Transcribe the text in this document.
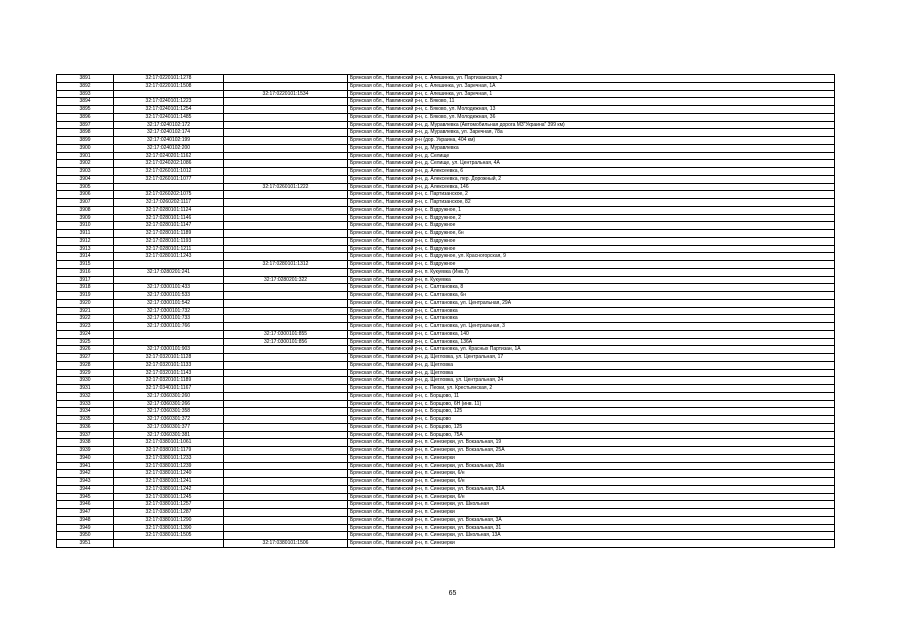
3891	32:17:0220101:1278		Брянская обл., Навлинский р-н, с. Алешинка, ул. Партизанская, 2
3892	32:17:0220101:1508		Брянская обл., Навлинский р-н, с. Алешинка, ул. Заречная, 1А
3893		32:17:0220101:1534	Брянская обл., Навлинский р-н, с. Алешинка, ул. Заречная, 1
3894	32:17:0240101:1223		Брянская обл., Навлинский р-н, с. Бяково, 11
3895	32:17:0240101:1254		Брянская обл., Навлинский р-н, с. Бяково, ул. Молодежная, 13
3896	32:17:0240101:1485		Брянская обл., Навлинский р-н, с. Бяково, ул. Молодежная, 36
3897	32:17:0240102:172		Брянская обл., Навлинский р-н, д. Муравлевка (Автомобильная дорога М3"Украина" 399 км)
3898	32:17:0240102:174		Брянская обл., Навлинский р-н, д. Муравлевка, ул. Заречная, 78а
3899	32:17:0240102:199		Брянская обл., Навлинский р-н (дор. Украина, 404 км)
3900	32:17:0240102:200		Брянская обл., Навлинский р-н, д. Муравлевка
3901	32:17:0240201:1162		Брянская обл., Навлинский р-н, д. Селище
3902	32:17:0240202:1086		Брянская обл., Навлинский р-н, д. Селище, ул. Центральная, 4А
3903	32:17:0260101:1012		Брянская обл., Навлинский р-н, д. Алексеевка, 6
3904	32:17:0260101:1077		Брянская обл., Навлинский р-н, д. Алексеевка, пер. Дорожный, 2
3905		32:17:0260101:1222	Брянская обл., Навлинский р-н, д. Алексеевка, 146
3906	32:17:0260202:1075		Брянская обл., Навлинский р-н, с. Партизанское, 2
3907	32:17:0260202:1117		Брянская обл., Навлинский р-н, с. Партизанское, 82
3908	32:17:0280101:1124		Брянская обл., Навлинский р-н, с. Вздружное, 1
3909	32:17:0280101:1146		Брянская обл., Навлинский р-н, с. Вздружное, 2
3910	32:17:0280101:1147		Брянская обл., Навлинский р-н, с. Вздружное
3911	32:17:0280101:1189		Брянская обл., Навлинский р-н, с. Вздружное, 6н
3912	32:17:0280101:1193		Брянская обл., Навлинский р-н, с. Вздружное
3913	32:17:0280101:1211		Брянская обл., Навлинский р-н, с. Вздружное
3914	32:17:0280101:1243		Брянская обл., Навлинский р-н, с. Вздружное, ул. Красногорская, 9
3915		32:17:0280101:1312	Брянская обл., Навлинский р-н, с. Вздружное
3916	32:17:0280201:241		Брянская обл., Навлинский р-н, п. Кукуевка (Инв.7)
3917		32:17:0280201:322	Брянская обл., Навлинский р-н, п. Кукуевка
3918	32:17:0300101:433		Брянская обл., Навлинский р-н, с. Салтановка, 8
3919	32:17:0300101:533		Брянская обл., Навлинский р-н, с. Салтановка, 6н
3920	32:17:0300101:542		Брянская обл., Навлинский р-н, с. Салтановка, ул. Центральная, 29А
3921	32:17:0300101:732		Брянская обл., Навлинский р-н, с. Салтановка
3922	32:17:0300101:733		Брянская обл., Навлинский р-н, с. Салтановка
3923	32:17:0300101:766		Брянская обл., Навлинский р-н, с. Салтановка, ул. Центральная, 3
3924		32:17:0300101:855	Брянская обл., Навлинский р-н, с. Салтановка, 140
3925		32:17:0300101:856	Брянская обл., Навлинский р-н, с. Салтановка, 136А
3926	32:17:0300101:903		Брянская обл., Навлинский р-н, с. Салтановка, ул. Красных Партизан, 1А
3927	32:17:0320101:1128		Брянская обл., Навлинский р-н, д. Щегловка, ул. Центральная, 17
3928	32:17:0320101:1133		Брянская обл., Навлинский р-н, д. Щегловка
3929	32:17:0320101:1143		Брянская обл., Навлинский р-н, д. Щегловка
3930	32:17:0320101:1189		Брянская обл., Навлинский р-н, д. Щегловка, ул. Центральная, 24
3931	32:17:0340101:1167		Брянская обл., Навлинский р-н, с. Пеоки, ул. Крестьянская, 2
3932	32:17:0360301:260		Брянская обл., Навлинский р-н, с. Борщово, 11
3933	32:17:0360301:266		Брянская обл., Навлинский р-н, с. Борщово, 6Н (инв. 11)
3934	32:17:0360301:358		Брянская обл., Навлинский р-н, с. Борщово, 125
3935	32:17:0360301:372		Брянская обл., Навлинский р-н, с. Борщово
3936	32:17:0360301:377		Брянская обл., Навлинский р-н, с. Борщово, 125
3937	32:17:0360301:381		Брянская обл., Навлинский р-н, с. Борщово, 75А
3938	32:17:0380101:1061		Брянская обл., Навлинский р-н, п. Синезерки, ул. Вокзальная, 19
3939	32:17:0380101:1179		Брянская обл., Навлинский р-н, п. Синезерки, ул. Вокзальная, 25А
3940	32:17:0380101:1233		Брянская обл., Навлинский р-н, п. Синезерки
3941	32:17:0380101:1239		Брянская обл., Навлинский р-н, п. Синезерки, ул. Вокзальная, 28а
3942	32:17:0380101:1240		Брянская обл., Навлинский р-н, п. Синезерки, 6/н
3943	32:17:0380101:1241		Брянская обл., Навлинский р-н, п. Синезерки, 6/н
3944	32:17:0380101:1242		Брянская обл., Навлинский р-н, п. Синезерки, ул. Вокзальная, 31А
3945	32:17:0380101:1245		Брянская обл., Навлинский р-н, п. Синезерки, 6/н
3946	32:17:0380101:1257		Брянская обл., Навлинский р-н, п. Синезерки, ул. Школьная
3947	32:17:0380101:1287		Брянская обл., Навлинский р-н, п. Синезерки
3948	32:17:0380101:1290		Брянская обл., Навлинский р-н, п. Синезерки, ул. Вокзальная, 3А
3949	32:17:0380101:1390		Брянская обл., Навлинский р-н, п. Синезерки, ул. Вокзальная, 31
3950	32:17:0380101:1505		Брянская обл., Навлинский р-н, п. Синезерки, ул. Школьная, 13А
3951		32:17:0380101:1506	Брянская обл., Навлинский р-н, п. Синезерки
65
